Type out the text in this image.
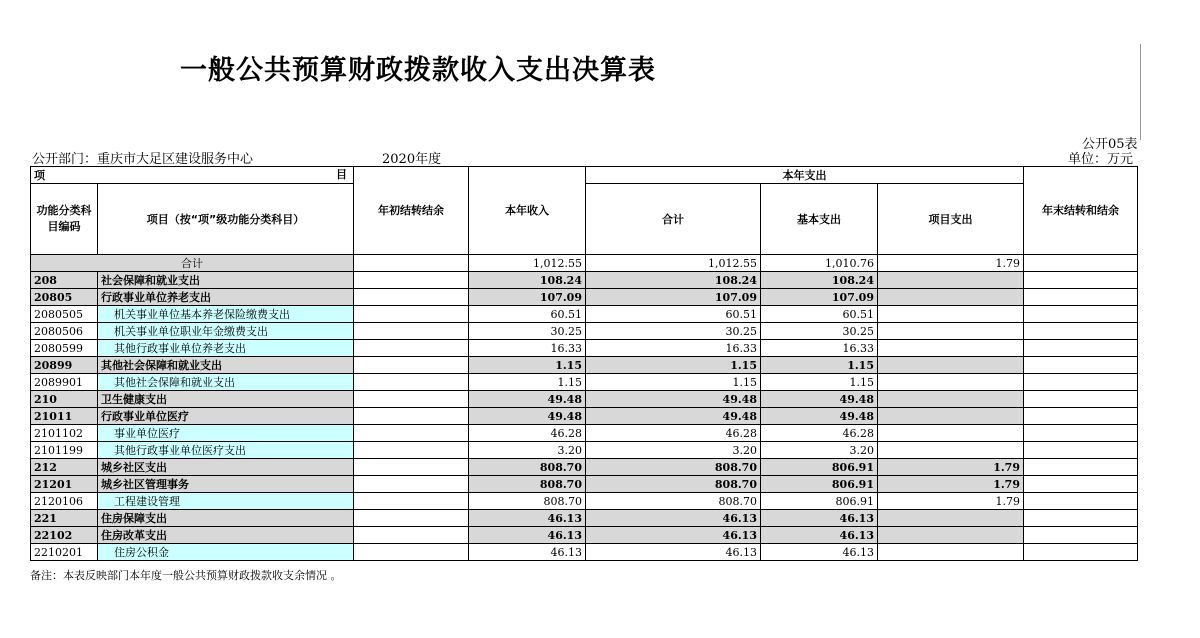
一般公共预算财政拨款收入支出决算表
公开05表
公开部门：重庆市大足区建设服务中心	2020年度	单位：万元
项 目		年初结转结余	本年收入	本年支出			年末结转和结余
功能分类科目编码	项目（按“项”级功能分类科目）			合计	基本支出	项目支出	

合计			1,012.55	1,012.55	1,010.76	1.79	
208	社会保障和就业支出		108.24	108.24	108.24		
20805	行政事业单位养老支出		107.09	107.09	107.09		
2080505	机关事业单位基本养老保险缴费支出		60.51	60.51	60.51		
2080506	机关事业单位职业年金缴费支出		30.25	30.25	30.25		
2080599	其他行政事业单位养老支出		16.33	16.33	16.33		
20899	其他社会保障和就业支出		1.15	1.15	1.15		
2089901	其他社会保障和就业支出		1.15	1.15	1.15		
210	卫生健康支出		49.48	49.48	49.48		
21011	行政事业单位医疗		49.48	49.48	49.48		
2101102	事业单位医疗		46.28	46.28	46.28		
2101199	其他行政事业单位医疗支出		3.20	3.20	3.20		
212	城乡社区支出		808.70	808.70	806.91	1.79	
21201	城乡社区管理事务		808.70	808.70	806.91	1.79	
2120106	工程建设管理		808.70	808.70	806.91	1.79	
221	住房保障支出		46.13	46.13	46.13		
22102	住房改革支出		46.13	46.13	46.13		
2210201	住房公积金		46.13	46.13	46.13		
备注：本表反映部门本年度一般公共预算财政拨款收支余情况 。
